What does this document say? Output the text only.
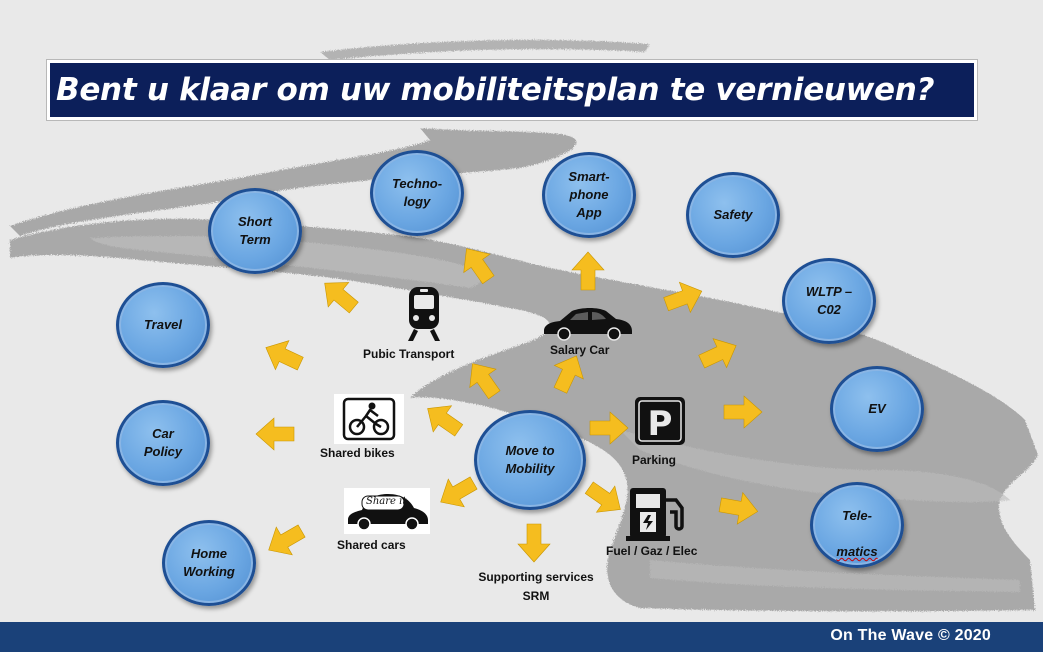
Bent u klaar om uw mobiliteitsplan te vernieuwen?
Short
Term
Techno-
logy
Smart-
phone
App	Safety
WLTP –
C02
EV

Tele-

matics

Travel
Car
Policy
Home
Working
Move to
Mobility
Pubic Transport	Salary Car
Shared bikes
P
Parking
Share it
Shared cars	Fuel / Gaz / Elec
Supporting services
SRM
On The Wave © 2020
